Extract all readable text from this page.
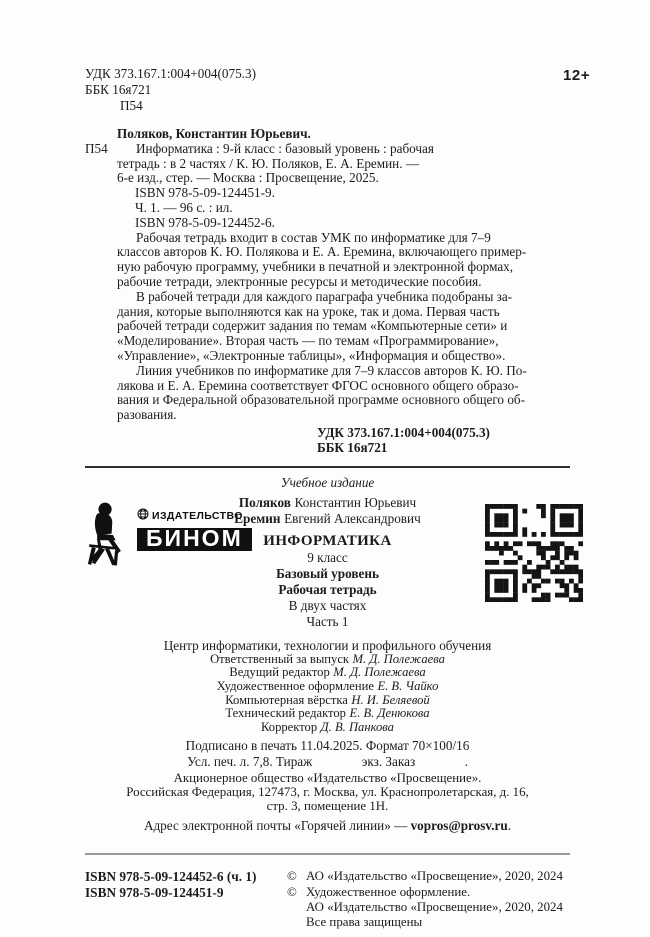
УДК 373.167.1:004+004(075.3)
ББК 16я721
П54
12+
Поляков, Константин Юрьевич.
П54	Информатика : 9-й класс : базовый уровень : рабочая
тетрадь : в 2 частях / К. Ю. Поляков, Е. А. Еремин. —
6-е изд., стер. — Москва : Просвещение, 2025.
ISBN 978-5-09-124451-9.
Ч. 1. — 96 с. : ил.
ISBN 978-5-09-124452-6.

Рабочая тетрадь входит в состав УМК по информатике для 7–9
классов авторов К. Ю. Полякова и Е. А. Еремина, включающего пример-
ную рабочую программу, учебники в печатной и электронной формах,
рабочие тетради, электронные ресурсы и методические пособия.

В рабочей тетради для каждого параграфа учебника подобраны за-
дания, которые выполняются как на уроке, так и дома. Первая часть
рабочей тетради содержит задания по темам «Компьютерные сети» и
«Моделирование». Вторая часть — по темам «Программирование»,
«Управление», «Электронные таблицы», «Информация и общество».

Линия учебников по информатике для 7–9 классов авторов К. Ю. По-
лякова и Е. А. Еремина соответствует ФГОС основного общего образо-
вания и Федеральной образовательной программе основного общего об-
разования.

УДК 373.167.1:004+004(075.3)
ББК 16я721
ИЗДАТЕЛЬСТВО
БИНОМ
Учебное издание
Поляков Константин Юрьевич
Еремин Евгений Александрович
ИНФОРМАТИКА
9 класс
Базовый уровень
Рабочая тетрадь
В двух частях
Часть 1
Центр информатики, технологии и профильного обучения
Ответственный за выпуск М. Д. Полежаева
Ведущий редактор М. Д. Полежаева
Художественное оформление Е. В. Чайко
Компьютерная вёрстка Н. И. Беляевой
Технический редактор Е. В. Денюкова
Корректор Д. В. Панкова
Подписано в печать 11.04.2025. Формат 70×100/16
Усл. печ. л. 7,8. Тираж               экз. Заказ               .
Акционерное общество «Издательство «Просвещение».
Российская Федерация, 127473, г. Москва, ул. Краснопролетарская, д. 16,
стр. 3, помещение 1Н.
Адрес электронной почты «Горячей линии» — vopros@prosv.ru.
ISBN 978-5-09-124452-6 (ч. 1)
ISBN 978-5-09-124451-9
© АО «Издательство «Просвещение», 2020, 2024
© Художественное оформление.
АО «Издательство «Просвещение», 2020, 2024
Все права защищены
